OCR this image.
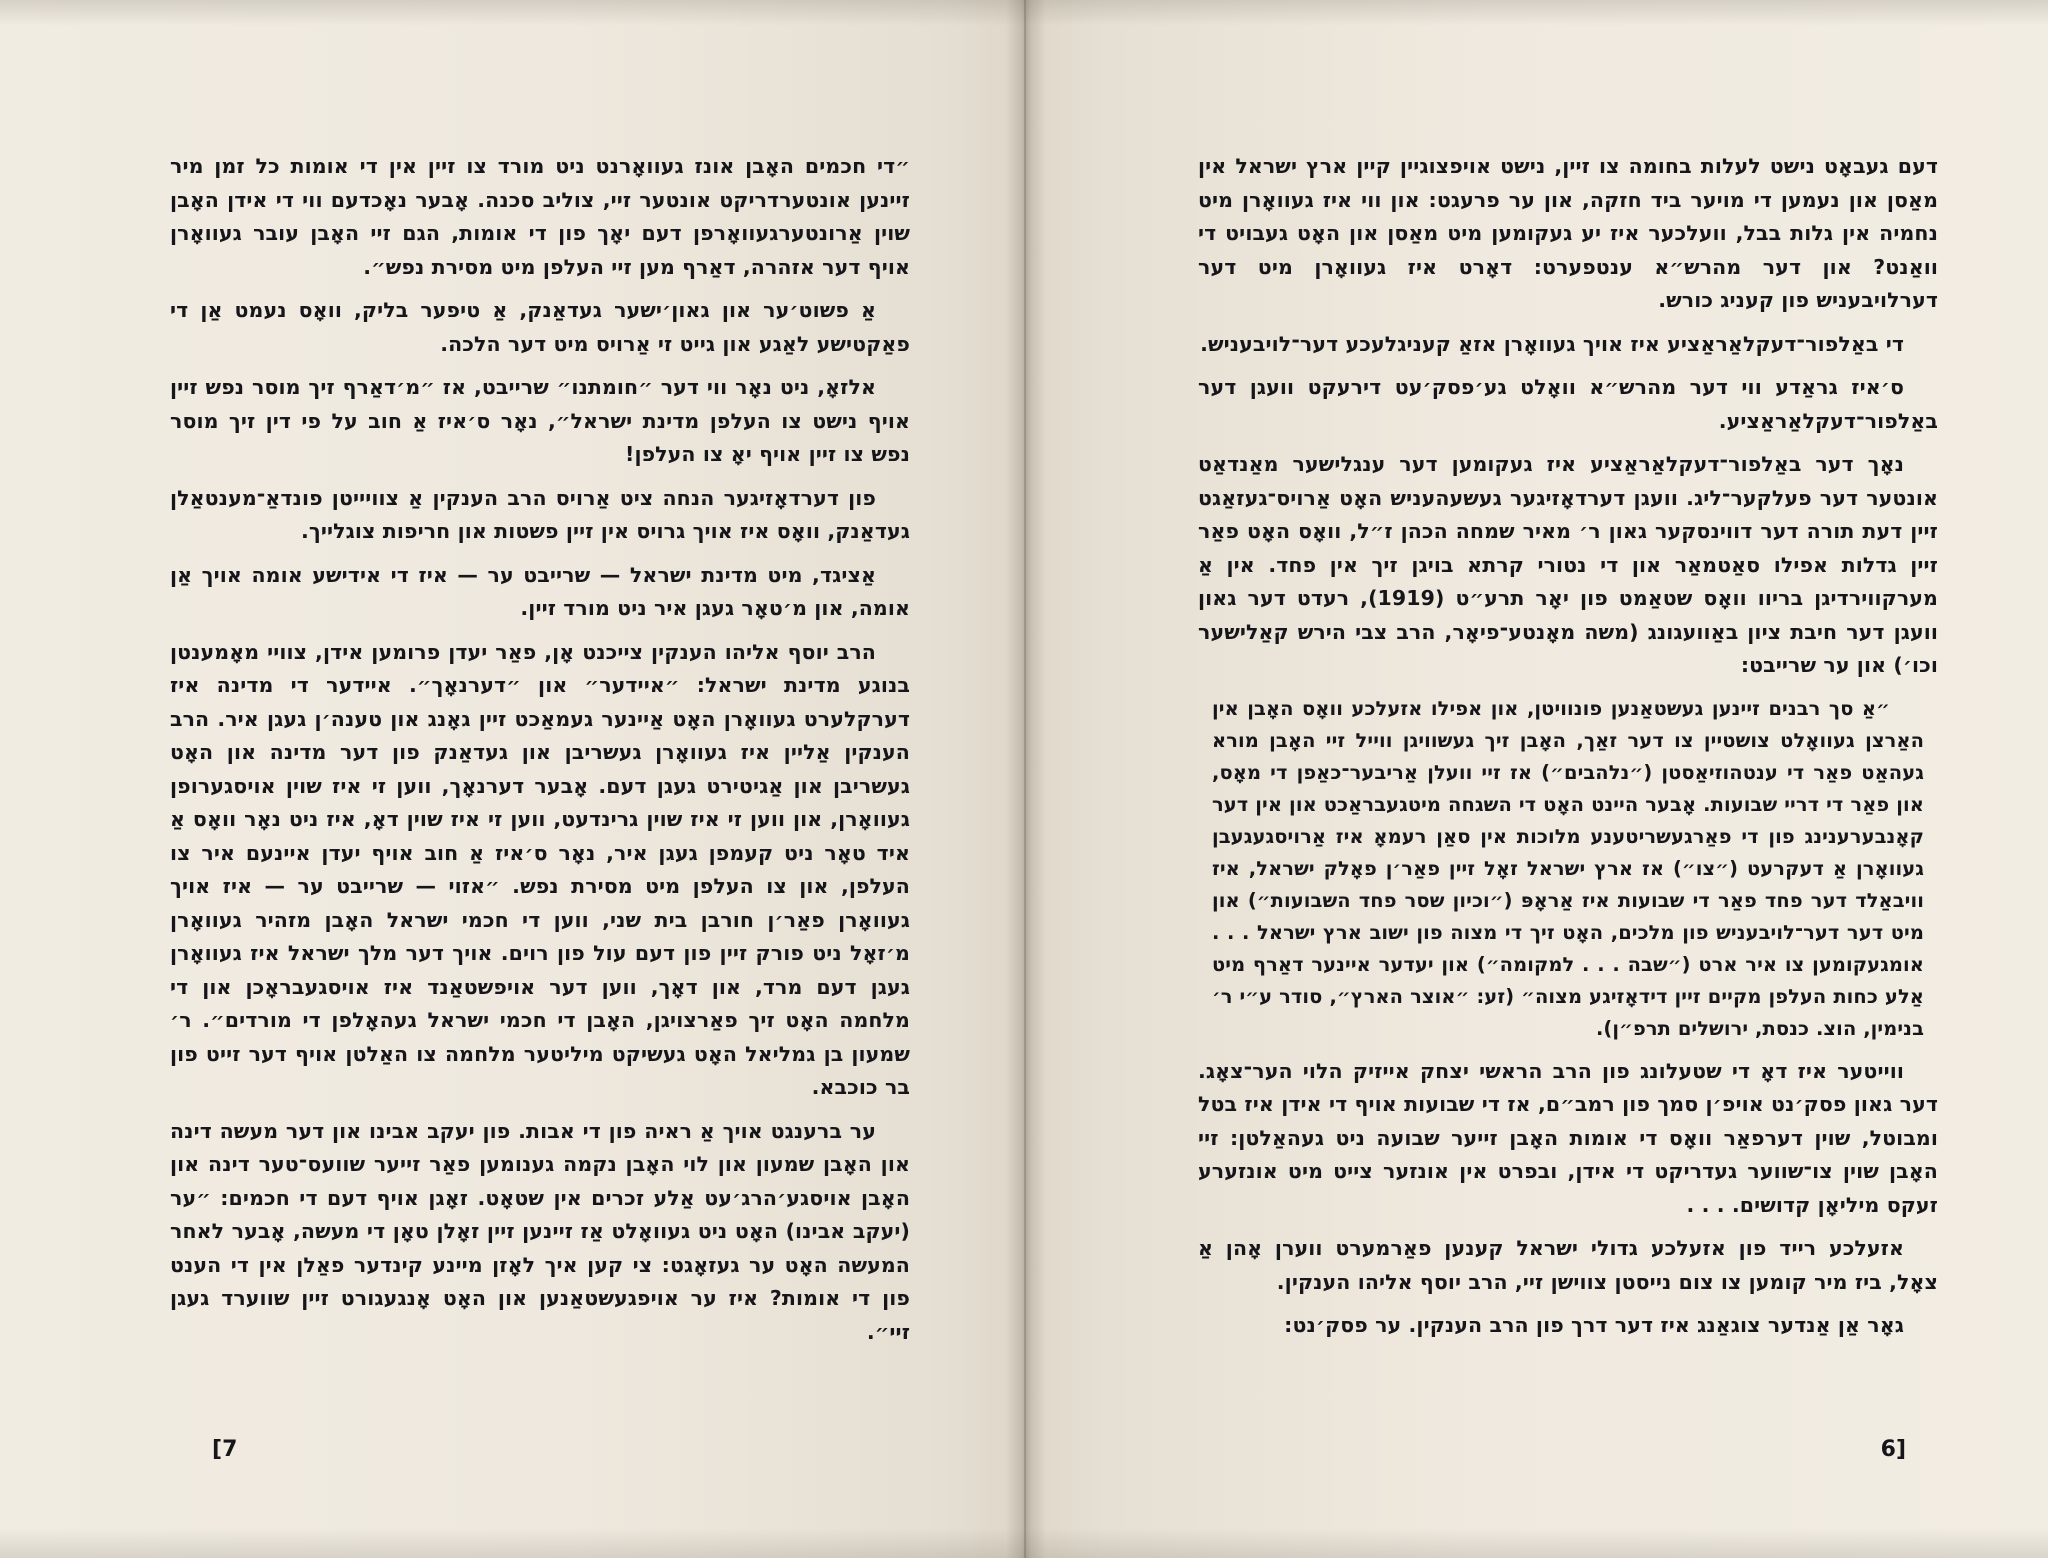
דעם געבאָט נישט לעלות בחומה צו זיין, נישט אויפצוגיין קיין ארץ ישראל אין מאַסן און נעמען די מויער ביד חזקה, און ער פרעגט: און ווי איז געוואָרן מיט נחמיה אין גלות בבל, וועלכער איז יע געקומען מיט מאַסן און האָט געבויט די וואַנט? און דער מהרש״א ענטפערט: דאָרט איז געוואָרן מיט דער דערלויבעניש פון קעניג כורש.

די באַלפור־דעקלאַראַציע איז אויך געוואָרן אזאַ קעניגלעכע דער־לויבעניש.

ס׳איז גראַדע ווי דער מהרש״א וואָלט גע׳פסק׳עט דירעקט וועגן דער באַלפור־דעקלאַראַציע.

נאָך דער באַלפור־דעקלאַראַציע איז געקומען דער ענגלישער מאַנדאַט אונטער דער פעלקער־ליג. וועגן דערדאָזיגער געשעהעניש האָט אַרויס־געזאַגט זיין דעת תורה דער דווינסקער גאון ר׳ מאיר שמחה הכהן ז״ל, וואָס האָט פאַר זיין גדלות אפילו סאַטמאַר און די נטורי קרתא בויגן זיך אין פחד. אין אַ מערקווירדיגן בריוו וואָס שטאַמט פון יאָר תרע״ט (1919), רעדט דער גאון וועגן דער חיבת ציון באַוועגונג (משה מאָנטע־פיאָר, הרב צבי הירש קאַלישער וכו׳) און ער שרייבט:

״אַ סך רבנים זיינען געשטאַנען פונוויטן, און אפילו אזעלכע וואָס האָבן אין האַרצן געוואָלט צושטיין צו דער זאַך, האָבן זיך געשוויגן ווייל זיי האָבן מורא געהאַט פאַר די ענטהוזיאַסטן (״נלהבים״) אז זיי וועלן אַריבער־כאַפן די מאָס, און פאַר די דריי שבועות. אָבער היינט האָט די השגחה מיטגעבראַכט און אין דער קאָנבערענינג פון די פאַרגעשריטענע מלוכות אין סאַן רעמאָ איז אַרויסגעגעבן געוואָרן אַ דעקרעט (״צו״) אז ארץ ישראל זאָל זיין פאַר׳ן פאָלק ישראל, איז וויבאַלד דער פחד פאַר די שבועות איז אַראָפּ (״וכיון שסר פחד השבועות״) און מיט דער דער־לויבעניש פון מלכים, האָט זיך די מצוה פון ישוב ארץ ישראל . . . אומגעקומען צו איר ארט (״שבה . . . למקומה״) און יעדער איינער דאַרף מיט אַלע כחות העלפן מקיים זיין דידאָזיגע מצוה״ (זע: ״אוצר הארץ״, סודר ע״י ר׳ בנימין, הוצ. כנסת, ירושלים תרפ״ן).

ווייטער איז דאָ די שטעלונג פון הרב הראשי יצחק אייזיק הלוי הער־צאָג. דער גאון פסק׳נט אויפ׳ן סמך פון רמב״ם, אז די שבועות אויף די אידן איז בטל ומבוטל, שוין דערפאַר וואָס די אומות האָבן זייער שבועה ניט געהאַלטן: זיי האָבן שוין צו־שווער געדריקט די אידן, ובפרט אין אונזער צייט מיט אונזערע זעקס מיליאָן קדושים. . . .

אזעלכע רייד פון אזעלכע גדולי ישראל קענען פאַרמערט ווערן אָהן אַ צאָל, ביז מיר קומען צו צום נייסטן צווישן זיי, הרב יוסף אליהו הענקין.

גאָר אַן אַנדער צוגאַנג איז דער דרך פון הרב הענקין. ער פסק׳נט:

[6

״די חכמים האָבן אונז געוואָרנט ניט מורד צו זיין אין די אומות כל זמן מיר זיינען אונטערדריקט אונטער זיי, צוליב סכנה. אָבער נאָכדעם ווי די אידן האָבן שוין אַרונטערגעוואָרפן דעם יאָך פון די אומות, הגם זיי האָבן עובר געוואָרן אויף דער אזהרה, דאַרף מען זיי העלפן מיט מסירת נפש״.

אַ פשוט׳ער און גאון׳ישער געדאַנק, אַ טיפער בליק, וואָס נעמט אַן די פאַקטישע לאַגע און גייט זי אַרויס מיט דער הלכה.

אלזאָ, ניט נאָר ווי דער ״חומתנו״ שרייבט, אז ״מ׳דאַרף זיך מוסר נפש זיין אויף נישט צו העלפן מדינת ישראל״, נאָר ס׳איז אַ חוב על פי דין זיך מוסר נפש צו זיין אויף יאָ צו העלפן!

פון דערדאָזיגער הנחה ציט אַרויס הרב הענקין אַ צוויייטן פונדאַ־מענטאַלן געדאַנק, וואָס איז אויך גרויס אין זיין פשטות און חריפות צוגלייך.

אַציגד, מיט מדינת ישראל — שרייבט ער — איז די אידישע אומה אויך אַן אומה, און מ׳טאָר געגן איר ניט מורד זיין.

הרב יוסף אליהו הענקין צייכנט אָן, פאַר יעדן פרומען אידן, צוויי מאָמענטן בנוגע מדינת ישראל: ״איידער״ און ״דערנאָך״. איידער די מדינה איז דערקלערט געוואָרן האָט אַיינער געמאַכט זיין גאָנג און טענה׳ן געגן איר. הרב הענקין אַליין איז געוואָרן געשריבן און געדאַנק פון דער מדינה און האָט געשריבן און אַגיטירט געגן דעם. אָבער דערנאָך, ווען זי איז שוין אויסגערופן געוואָרן, און ווען זי איז שוין גרינדעט, ווען זי איז שוין דאָ, איז ניט נאָר וואָס אַ איד טאָר ניט קעמפן געגן איר, נאָר ס׳איז אַ חוב אויף יעדן איינעם איר צו העלפן, און צו העלפן מיט מסירת נפש. ״אזוי — שרייבט ער — איז אויך געוואָרן פאַר׳ן חורבן בית שני, ווען די חכמי ישראל האָבן מזהיר געוואָרן מ׳זאָל ניט פורק זיין פון דעם עול פון רוים. אויך דער מלך ישראל איז געוואָרן געגן דעם מרד, און דאָך, ווען דער אויפשטאַנד איז אויסגעבראָכן און די מלחמה האָט זיך פאַרצויגן, האָבן די חכמי ישראל געהאָלפן די מורדים״. ר׳ שמעון בן גמליאל האָט געשיקט מיליטער מלחמה צו האַלטן אויף דער זייט פון בר כוכבא.

ער ברענגט אויך אַ ראיה פון די אבות. פון יעקב אבינו און דער מעשה דינה און האָבן שמעון און לוי האָבן נקמה גענומען פאַר זייער שוועס־טער דינה און האָבן אויסגע׳הרג׳עט אַלע זכרים אין שטאָט. זאָגן אויף דעם די חכמים: ״ער (יעקב אבינו) האָט ניט געוואָלט אַז זיינען זיין זאָלן טאָן די מעשה, אָבער לאחר המעשה האָט ער געזאָגט: צי קען איך לאָזן מיינע קינדער פאַלן אין די הענט פון די אומות? איז ער אויפגעשטאַנען און האָט אָנגעגורט זיין שווערד געגן זיי״.

7]
